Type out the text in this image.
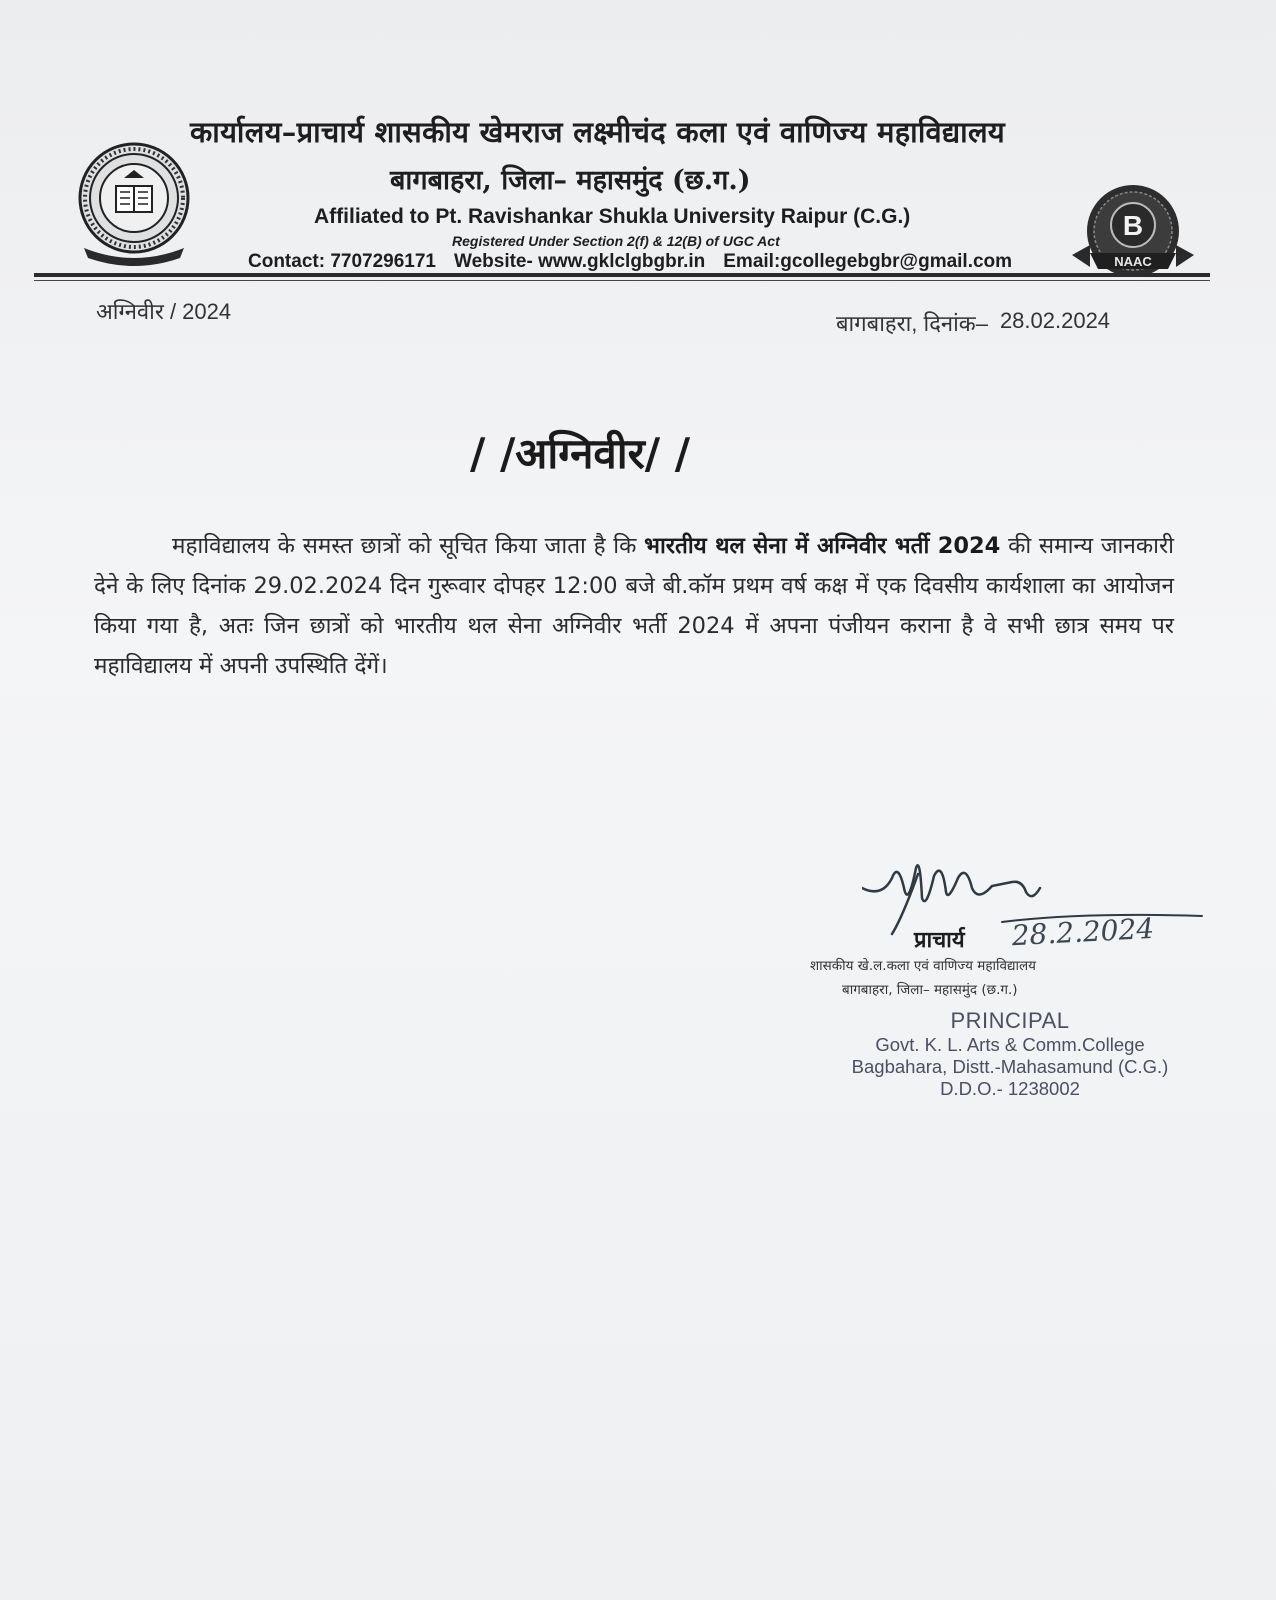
कार्यालय–प्राचार्य शासकीय खेमराज लक्ष्मीचंद कला एवं वाणिज्य महाविद्यालय
बागबाहरा, जिला– महासमुंद (छ.ग.)
Affiliated to Pt. Ravishankar Shukla University Raipur (C.G.)
Registered Under Section 2(f) & 12(B) of UGC Act
Contact: 7707296171 Website- www.gklclgbgbr.in Email:gcollegebgbr@gmail.com
B
NAAC
अग्निवीर / 2024	बागबाहरा, दिनांक– 28.02.2024
/ /अग्निवीर/ /
महाविद्यालय के समस्त छात्रों को सूचित किया जाता है कि भारतीय थल सेना में अग्निवीर भर्ती 2024 की समान्य जानकारी देने के लिए दिनांक 29.02.2024 दिन गुरूवार दोपहर 12:00 बजे बी.कॉम प्रथम वर्ष कक्ष में एक दिवसीय कार्यशाला का आयोजन किया गया है, अतः जिन छात्रों को भारतीय थल सेना अग्निवीर भर्ती 2024 में अपना पंजीयन कराना है वे सभी छात्र समय पर महाविद्यालय में अपनी उपस्थिति देंगें।
28.2.2024
प्राचार्य
शासकीय खे.ल.कला एवं वाणिज्य महाविद्यालय
बागबाहरा, जिला– महासमुंद (छ.ग.)
PRINCIPAL
Govt. K. L. Arts & Comm.College
Bagbahara, Distt.-Mahasamund (C.G.)
D.D.O.- 1238002
